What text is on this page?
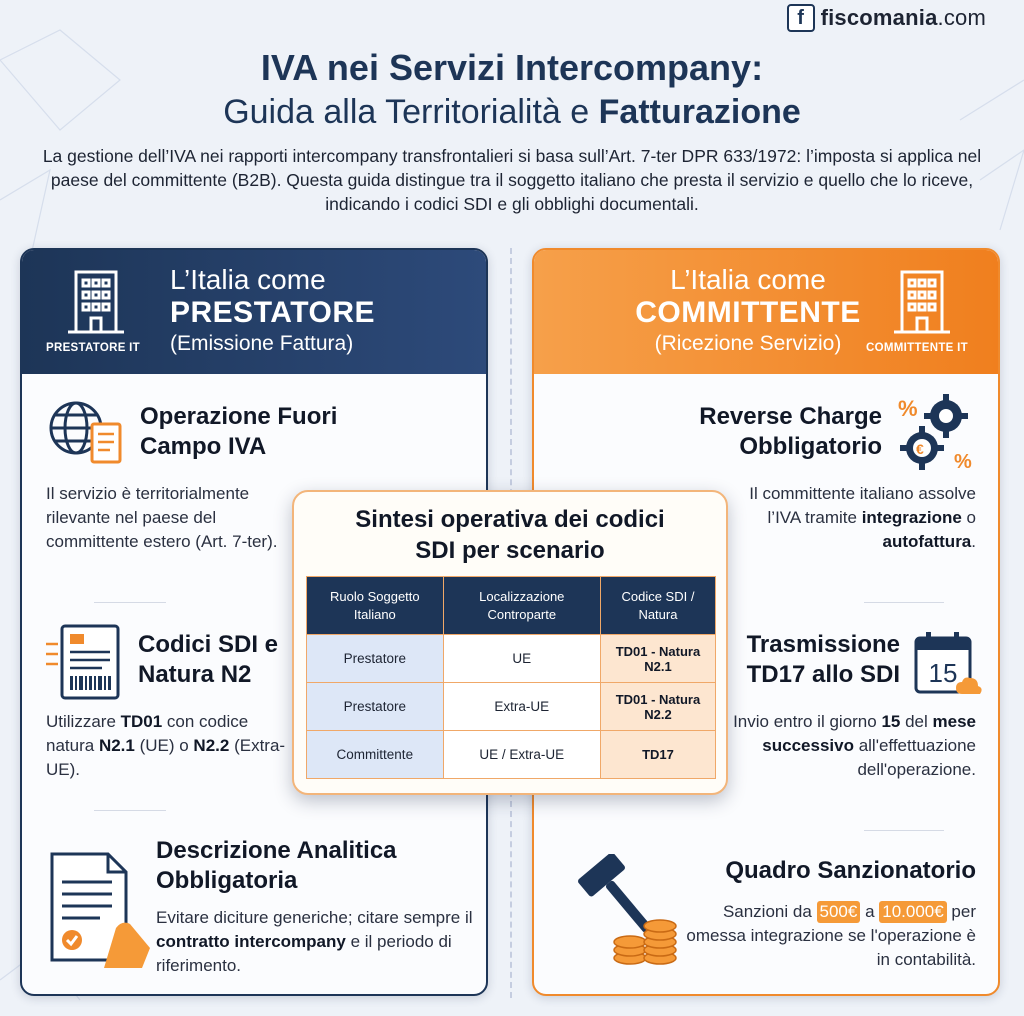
f fiscomania.com
IVA nei Servizi Intercompany:
Guida alla Territorialità e Fatturazione
La gestione dell’IVA nei rapporti intercompany transfrontalieri si basa sull’Art. 7-ter DPR 633/1972: l’imposta si applica nel paese del committente (B2B). Questa guida distingue tra il soggetto italiano che presta il servizio e quello che lo riceve, indicando i codici SDI e gli obblighi documentali.
PRESTATORE IT
L’Italia come
PRESTATORE
(Emissione Fattura)
Operazione Fuori Campo IVA
Il servizio è territorialmente rilevante nel paese del committente estero (Art. 7-ter).
Codici SDI e Natura N2
Utilizzare TD01 con codice natura N2.1 (UE) o N2.2 (Extra-UE).
Descrizione Analitica Obbligatoria
Evitare diciture generiche; citare sempre il contratto intercompany e il periodo di riferimento.
L’Italia come
COMMITTENTE
(Ricezione Servizio)	COMMITTENTE IT
Reverse Charge Obbligatorio
%
€
%
Il committente italiano assolve l’IVA tramite integrazione o autofattura.
Trasmissione TD17 allo SDI 15
Invio entro il giorno 15 del mese successivo all'effettuazione dell'operazione.
Quadro Sanzionatorio
Sanzioni da 500€ a 10.000€ per omessa integrazione se l'operazione è in contabilità.
Sintesi operativa dei codici SDI per scenario
Ruolo Soggetto Italiano	Localizzazione Controparte	Codice SDI / Natura
Prestatore	UE	TD01 - Natura N2.1
Prestatore	Extra-UE	TD01 - Natura N2.2
Committente	UE / Extra-UE	TD17
